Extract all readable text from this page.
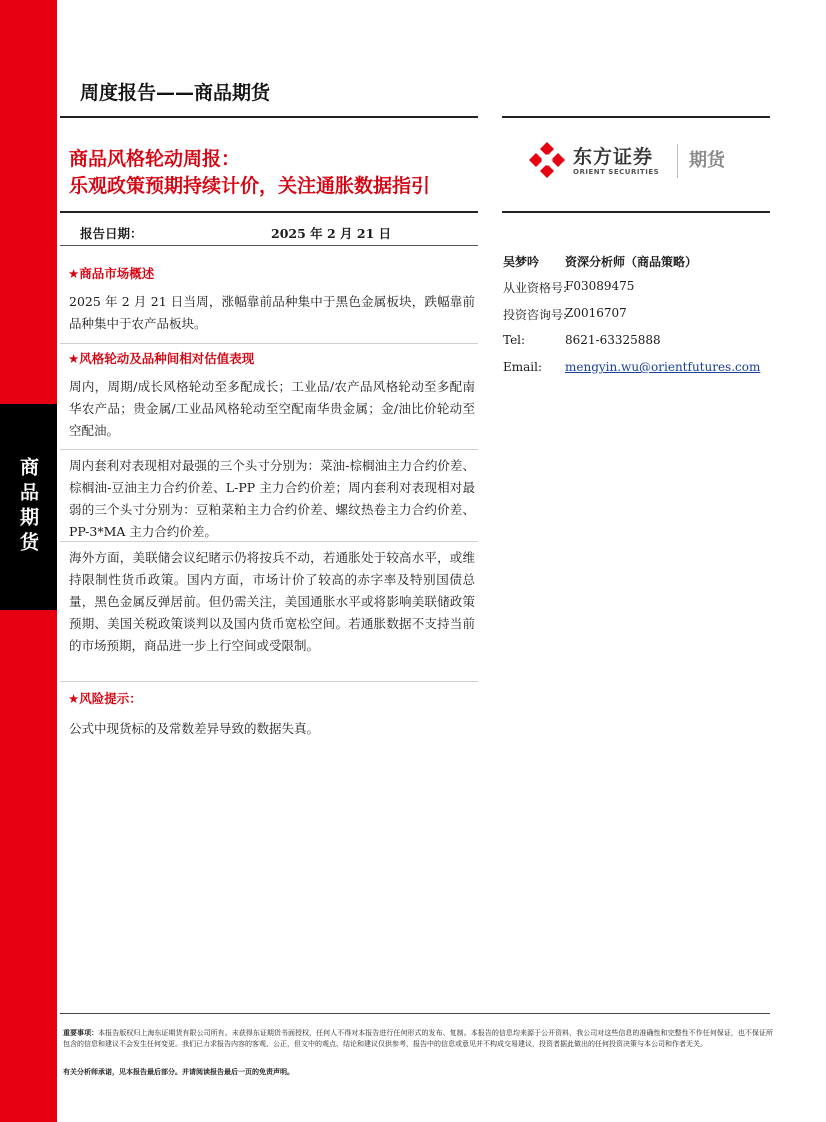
商品期货
周度报告——商品期货
商品风格轮动周报：
乐观政策预期持续计价，关注通胀数据指引
东方证券
ORIENT SECURITIES
期货
报告日期：	2025 年 2 月 21 日
★商品市场概述
2025 年 2 月 21 日当周，涨幅靠前品种集中于黑色金属板块，跌幅靠前品种集中于农产品板块。
★风格轮动及品种间相对估值表现
周内，周期/成长风格轮动至多配成长；工业品/农产品风格轮动至多配南华农产品；贵金属/工业品风格轮动至空配南华贵金属；金/油比价轮动至空配油。
周内套利对表现相对最强的三个头寸分别为：菜油-棕榈油主力合约价差、棕榈油-豆油主力合约价差、L-PP 主力合约价差；周内套利对表现相对最弱的三个头寸分别为：豆粕菜粕主力合约价差、螺纹热卷主力合约价差、PP-3*MA 主力合约价差。
海外方面，美联储会议纪睹示仍将按兵不动，若通胀处于较高水平，或维持限制性货币政策。国内方面，市场计价了较高的赤字率及特别国债总量，黑色金属反弹居前。但仍需关注，美国通胀水平或将影响美联储政策预期、美国关税政策谈判以及国内货币宽松空间。若通胀数据不支持当前的市场预期，商品进一步上行空间或受限制。
★风险提示：
公式中现货标的及常数差异导致的数据失真。
吴梦吟 资深分析师（商品策略）
从业资格号:
F03089475
投资咨询号:
Z0016707
Tel:	8621-63325888
Email: mengyin.wu@orientfutures.com
重要事项：本报告版权归上海东证期货有限公司所有。未获得东证期货书面授权，任何人不得对本报告进行任何形式的发布、复制。本报告的信息均来源于公开资料，我公司对这些信息的准确性和完整性不作任何保证，也不保证所包含的信息和建议不会发生任何变更。我们已力求报告内容的客观、公正，但文中的观点、结论和建议仅供参考，报告中的信息或意见并不构成交易建议，投资者据此做出的任何投资决策与本公司和作者无关。
有关分析师承诺，见本报告最后部分。并请阅读报告最后一页的免责声明。
